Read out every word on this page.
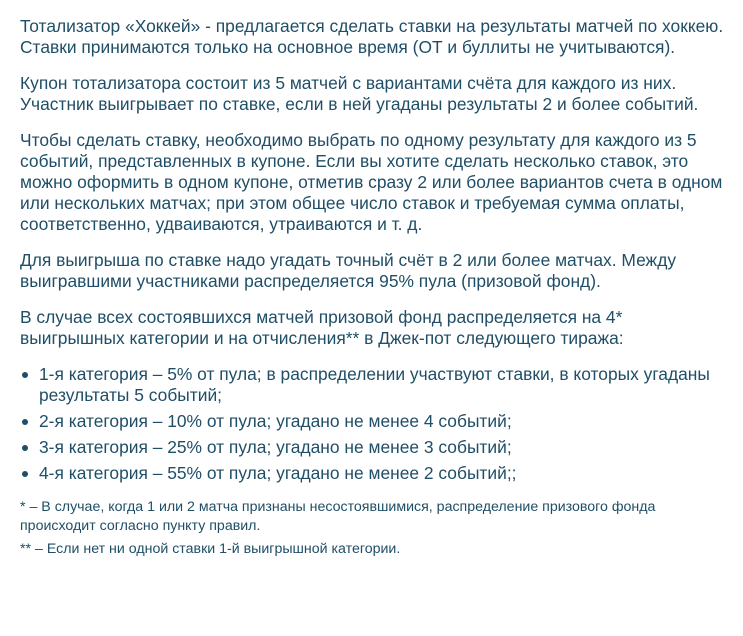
Тотализатор «Хоккей» - предлагается сделать ставки на результаты матчей по хоккею. Ставки принимаются только на основное время (ОТ и буллиты не учитываются).

Купон тотализатора состоит из 5 матчей с вариантами счёта для каждого из них. Участник выигрывает по ставке, если в ней угаданы результаты 2 и более событий.

Чтобы сделать ставку, необходимо выбрать по одному результату для каждого из 5 событий, представленных в купоне. Если вы хотите сделать несколько ставок, это можно оформить в одном купоне, отметив сразу 2 или более вариантов счета в одном или нескольких матчах; при этом общее число ставок и требуемая сумма оплаты, соответственно, удваиваются, утраиваются и т. д.

Для выигрыша по ставке надо угадать точный счёт в 2 или более матчах. Между выигравшими участниками распределяется 95% пула (призовой фонд).

В случае всех состоявшихся матчей призовой фонд распределяется на 4* выигрышных категории и на отчисления** в Джек-пот следующего тиража:

1-я категория – 5% от пула; в распределении участвуют ставки, в которых угаданы результаты 5 событий;
2-я категория – 10% от пула; угадано не менее 4 событий;
3-я категория – 25% от пула; угадано не менее 3 событий;
4-я категория – 55% от пула; угадано не менее 2 событий;;

* – В случае, когда 1 или 2 матча признаны несостоявшимися, распределение призового фонда происходит согласно пункту правил.

** – Если нет ни одной ставки 1-й выигрышной категории.
